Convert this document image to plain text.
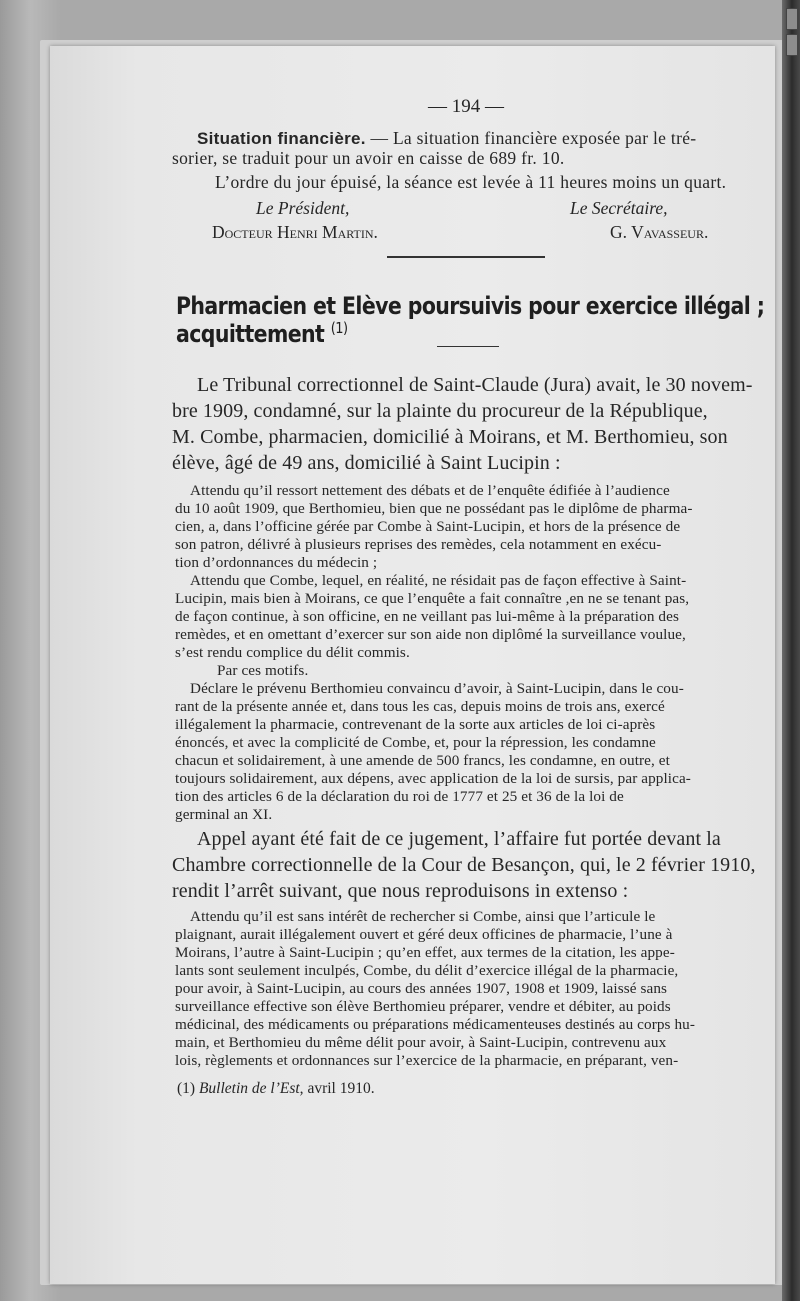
— 194 —
Situation financière. — La situation financière exposée par le tré-
sorier, se traduit pour un avoir en caisse de 689 fr. 10.
L’ordre du jour épuisé, la séance est levée à 11 heures moins un quart.
Le Président,	Le Secrétaire,
Docteur Henri Martin.	G. Vavasseur.
Pharmacien et Elève poursuivis pour exercice illégal ; acquittement $^{(1)}$
Le Tribunal correctionnel de Saint-Claude (Jura) avait, le 30 novem-
bre 1909, condamné, sur la plainte du procureur de la République,
M. Combe, pharmacien, domicilié à Moirans, et M. Berthomieu, son
élève, âgé de 49 ans, domicilié à Saint Lucipin :
Attendu qu’il ressort nettement des débats et de l’enquête édifiée à l’audience
du 10 août 1909, que Berthomieu, bien que ne possédant pas le diplôme de pharma-
cien, a, dans l’officine gérée par Combe à Saint-Lucipin, et hors de la présence de
son patron, délivré à plusieurs reprises des remèdes, cela notamment en exécu-
tion d’ordonnances du médecin ;
Attendu que Combe, lequel, en réalité, ne résidait pas de façon effective à Saint-
Lucipin, mais bien à Moirans, ce que l’enquête a fait connaître ,en ne se tenant pas,
de façon continue, à son officine, en ne veillant pas lui-même à la préparation des
remèdes, et en omettant d’exercer sur son aide non diplômé la surveillance voulue,
s’est rendu complice du délit commis.
Par ces motifs.
Déclare le prévenu Berthomieu convaincu d’avoir, à Saint-Lucipin, dans le cou-
rant de la présente année et, dans tous les cas, depuis moins de trois ans, exercé
illégalement la pharmacie, contrevenant de la sorte aux articles de loi ci-après
énoncés, et avec la complicité de Combe, et, pour la répression, les condamne
chacun et solidairement, à une amende de 500 francs, les condamne, en outre, et
toujours solidairement, aux dépens, avec application de la loi de sursis, par applica-
tion des articles 6 de la déclaration du roi de 1777 et 25 et 36 de la loi de
germinal an XI.
Appel ayant été fait de ce jugement, l’affaire fut portée devant la
Chambre correctionnelle de la Cour de Besançon, qui, le 2 février 1910,
rendit l’arrêt suivant, que nous reproduisons in extenso :
Attendu qu’il est sans intérêt de rechercher si Combe, ainsi que l’articule le
plaignant, aurait illégalement ouvert et géré deux officines de pharmacie, l’une à
Moirans, l’autre à Saint-Lucipin ; qu’en effet, aux termes de la citation, les appe-
lants sont seulement inculpés, Combe, du délit d’exercice illégal de la pharmacie,
pour avoir, à Saint-Lucipin, au cours des années 1907, 1908 et 1909, laissé sans
surveillance effective son élève Berthomieu préparer, vendre et débiter, au poids
médicinal, des médicaments ou préparations médicamenteuses destinés au corps hu-
main, et Berthomieu du même délit pour avoir, à Saint-Lucipin, contrevenu aux
lois, règlements et ordonnances sur l’exercice de la pharmacie, en préparant, ven-
(1) Bulletin de l’Est, avril 1910.
